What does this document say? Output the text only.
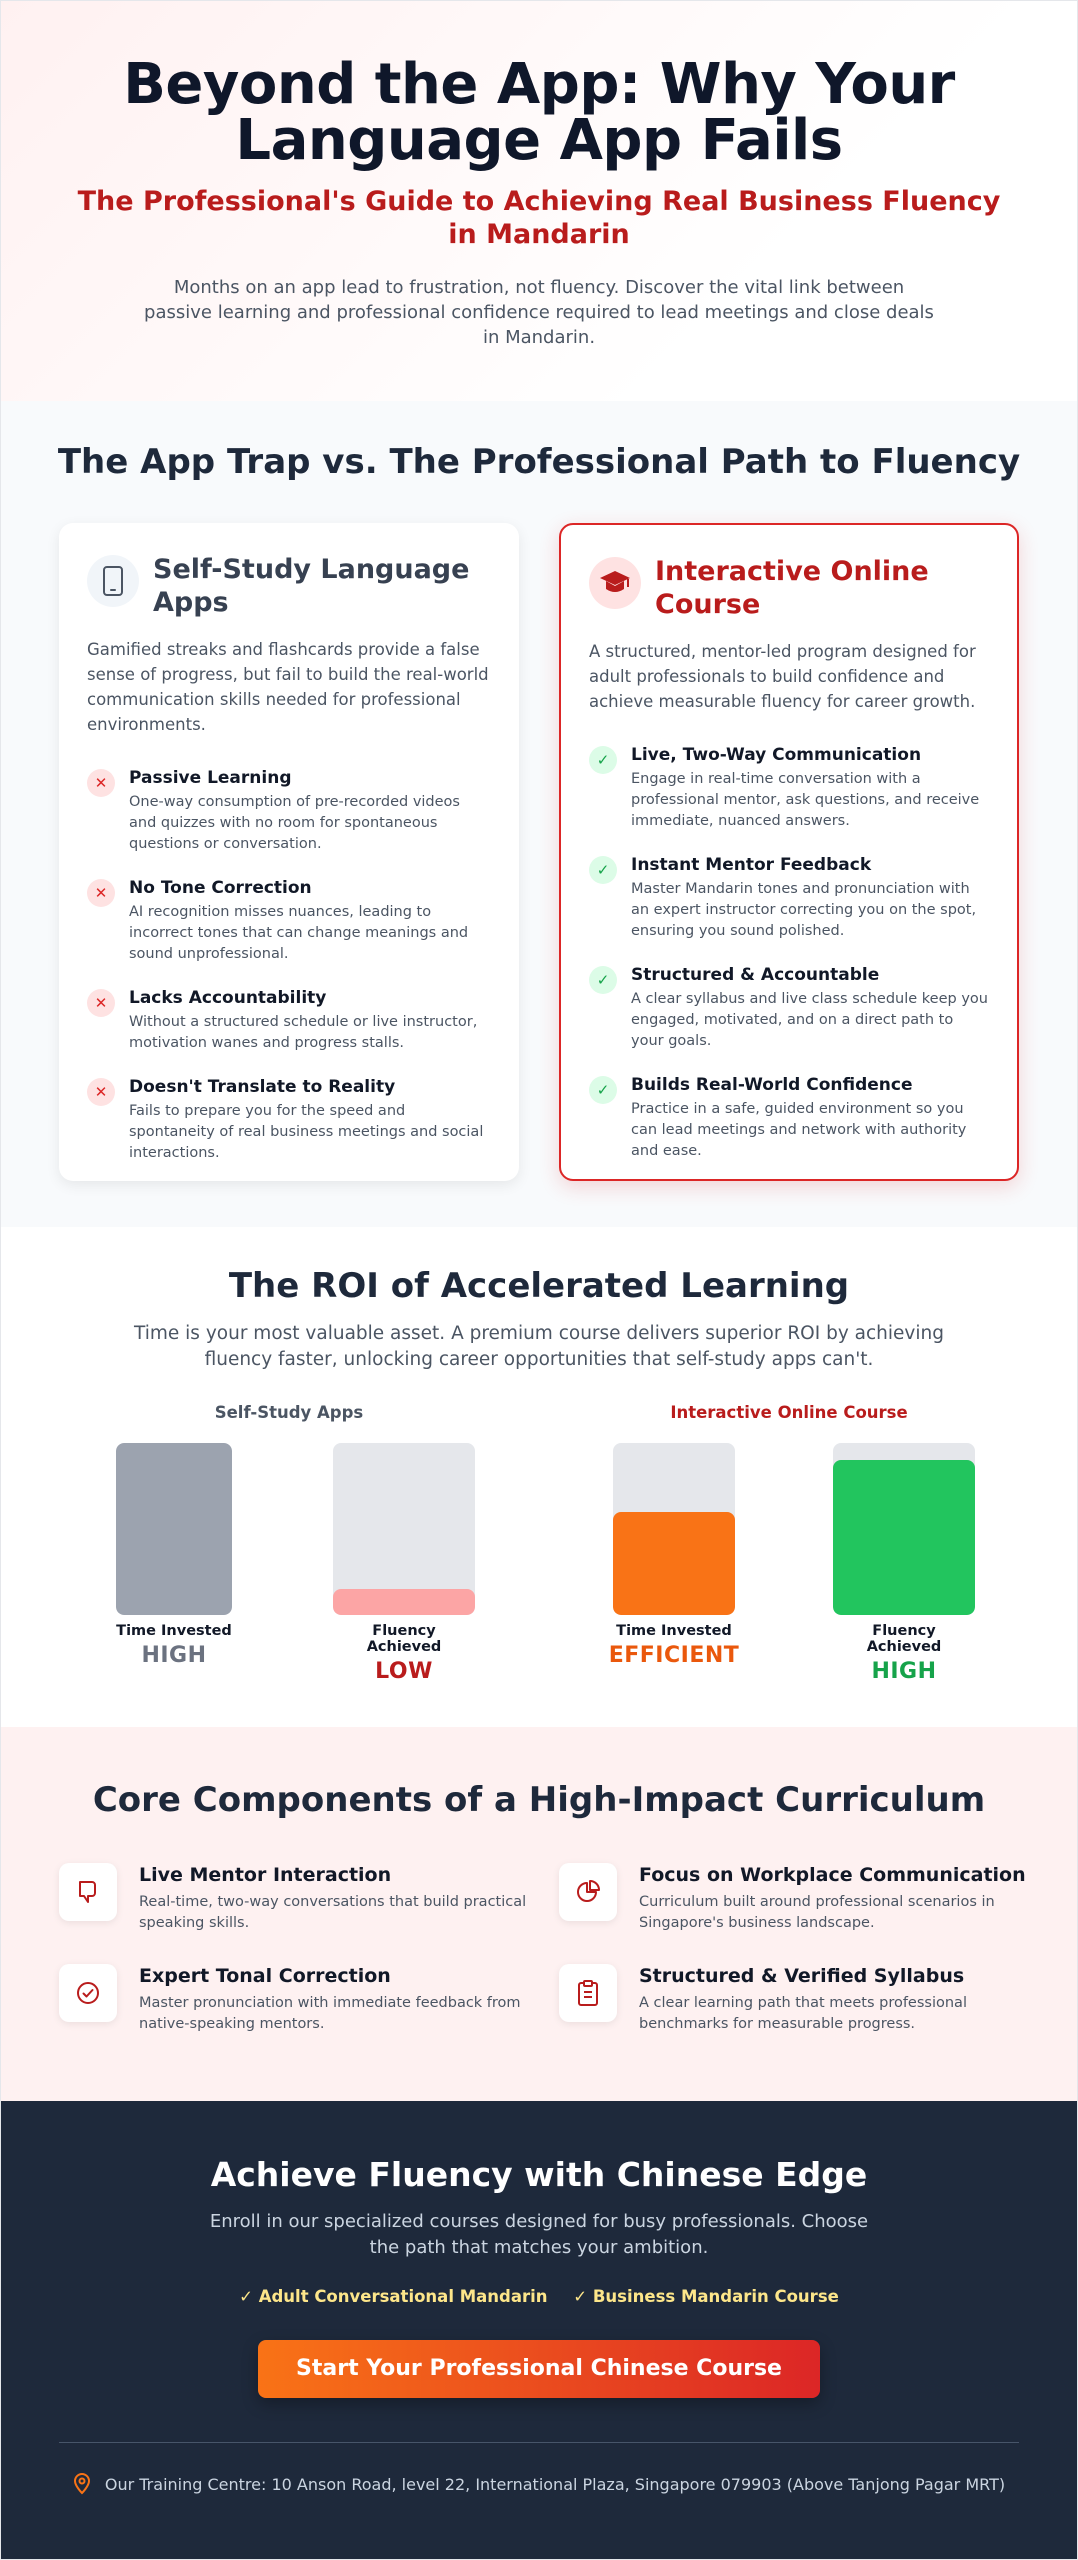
Beyond the App: Why Your Language App Fails
The Professional's Guide to Achieving Real Business Fluency in Mandarin

Months on an app lead to frustration, not fluency. Discover the vital link between passive learning and professional confidence required to lead meetings and close deals in Mandarin.

The App Trap vs. The Professional Path to Fluency
Self-Study Language Apps
Gamified streaks and flashcards provide a false sense of progress, but fail to build the real-world communication skills needed for professional environments.
✕	Passive Learning
One-way consumption of pre-recorded videos and quizzes with no room for spontaneous questions or conversation.
✕	No Tone Correction
AI recognition misses nuances, leading to incorrect tones that can change meanings and sound unprofessional.
✕	Lacks Accountability
Without a structured schedule or live instructor, motivation wanes and progress stalls.
✕	Doesn't Translate to Reality
Fails to prepare you for the speed and spontaneity of real business meetings and social interactions.
Interactive Online Course
A structured, mentor-led program designed for adult professionals to build confidence and achieve measurable fluency for career growth.
✓	Live, Two-Way Communication
Engage in real-time conversation with a professional mentor, ask questions, and receive immediate, nuanced answers.
✓	Instant Mentor Feedback
Master Mandarin tones and pronunciation with an expert instructor correcting you on the spot, ensuring you sound polished.
✓	Structured & Accountable
A clear syllabus and live class schedule keep you engaged, motivated, and on a direct path to your goals.
✓	Builds Real-World Confidence
Practice in a safe, guided environment so you can lead meetings and network with authority and ease.
The ROI of Accelerated Learning
Time is your most valuable asset. A premium course delivers superior ROI by achieving fluency faster, unlocking career opportunities that self-study apps can't.
Self-Study Apps
Time Invested
HIGH
Fluency Achieved
LOW
Interactive Online Course
Time Invested
EFFICIENT
Fluency Achieved
HIGH
Core Components of a High-Impact Curriculum
Live Mentor Interaction
Real-time, two-way conversations that build practical speaking skills.
Focus on Workplace Communication
Curriculum built around professional scenarios in Singapore's business landscape.
Expert Tonal Correction
Master pronunciation with immediate feedback from native-speaking mentors.
Structured & Verified Syllabus
A clear learning path that meets professional benchmarks for measurable progress.
Achieve Fluency with Chinese Edge
Enroll in our specialized courses designed for busy professionals. Choose the path that matches your ambition.
✓ Adult Conversational Mandarin ✓ Business Mandarin Course
Start Your Professional Chinese Course
Our Training Centre: 10 Anson Road, level 22, International Plaza, Singapore 079903 (Above Tanjong Pagar MRT)
